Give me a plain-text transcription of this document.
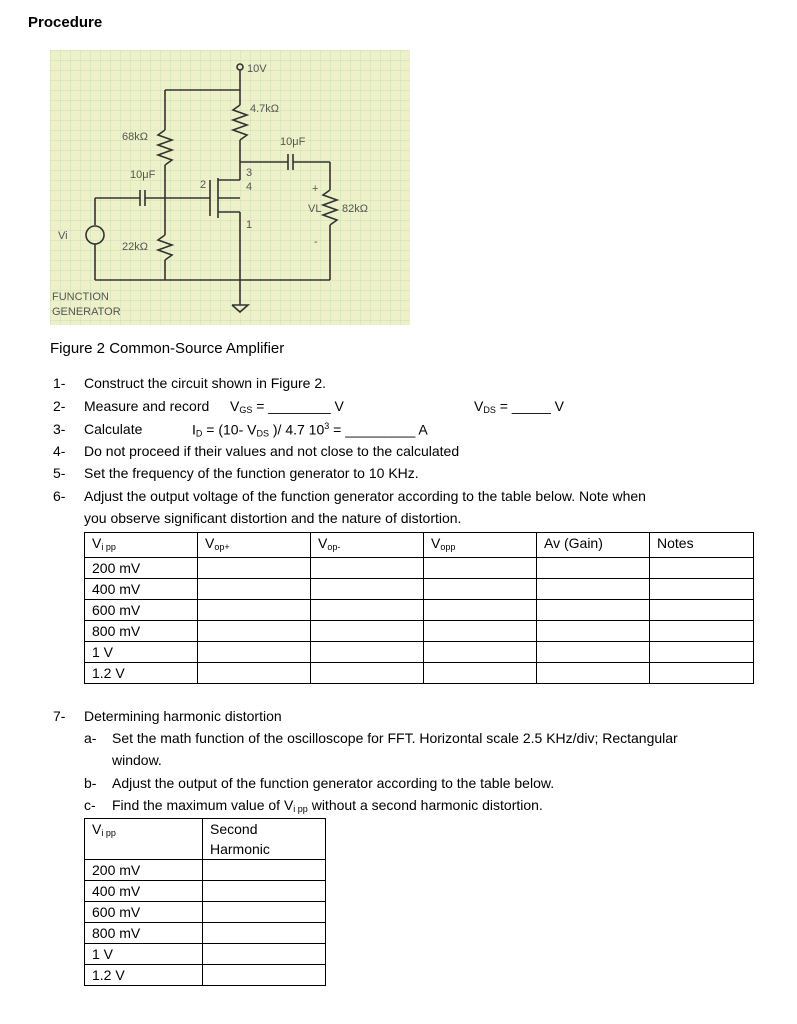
Procedure
10V
4.7kΩ
68kΩ
10μF
22kΩ
10μF
82kΩ
Vi
VL
2
3
4
1
+
-
FUNCTION
GENERATOR
Figure 2 Common-Source Amplifier
1- Construct the circuit shown in Figure 2.
2- Measure and record $V_{GS}$ = ________ V	$V_{DS}$ = _____ V
3- Calculate	$I_D = (10-$ $V_{DS}$ )/ 4.7 $10^3$ = _________ A
4- Do not proceed if their values and not close to the calculated
5- Set the frequency of the function generator to 10 KHz.
6- Adjust the output voltage of the function generator according to the table below. Note when
you observe significant distortion and the nature of distortion.
$V_{i pp}$	$V_{op+}$	$V_{op-}$	$V_{opp}$	Av (Gain)	Notes
200 mV					
400 mV					
600 mV					
800 mV					
1 V					
1.2 V					
7- Determining harmonic distortion
a- Set the math function of the oscilloscope for FFT. Horizontal scale 2.5 KHz/div; Rectangular
window.
b- Adjust the output of the function generator according to the table below.
c- Find the maximum value of $V_{i pp}$ without a second harmonic distortion.
$V_{i pp}$	Second
Harmonic

200 mV	
400 mV	
600 mV	
800 mV	
1 V	
1.2 V	
